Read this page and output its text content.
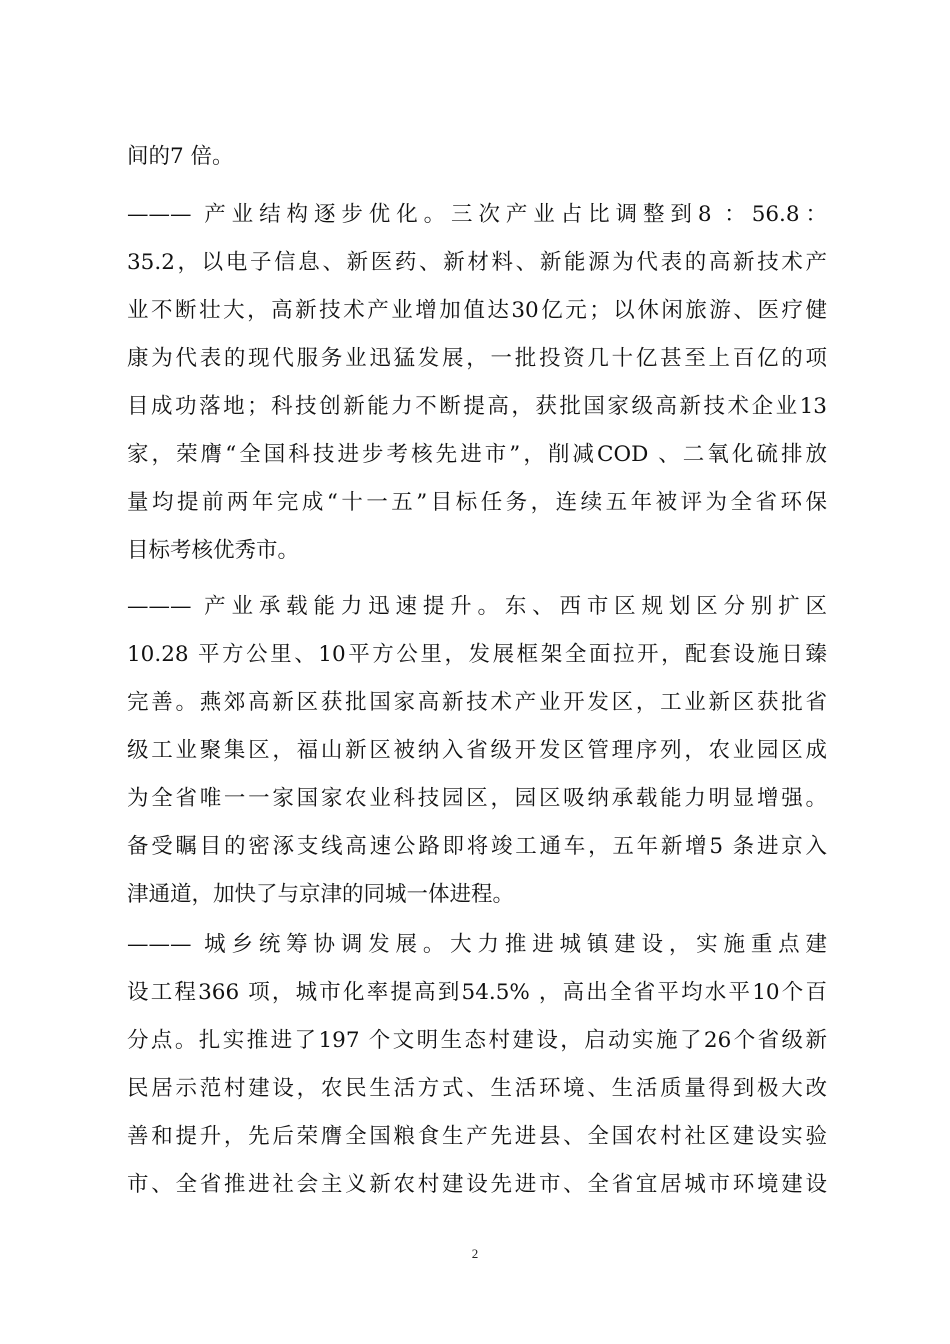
间的7 倍。
——— 产业结构逐步优化。三次产业占比调整到8 ：56.8：
35.2，以电子信息、新医药、新材料、新能源为代表的高新技术产
业不断壮大，高新技术产业增加值达30亿元；以休闲旅游、医疗健
康为代表的现代服务业迅猛发展，一批投资几十亿甚至上百亿的项
目成功落地；科技创新能力不断提高，获批国家级高新技术企业13
家，荣膺“全国科技进步考核先进市”，削减COD 、二氧化硫排放
量均提前两年完成“十一五”目标任务，连续五年被评为全省环保
目标考核优秀市。
——— 产业承载能力迅速提升。东、西市区规划区分别扩区
10.28 平方公里、10平方公里，发展框架全面拉开，配套设施日臻
完善。燕郊高新区获批国家高新技术产业开发区，工业新区获批省
级工业聚集区，福山新区被纳入省级开发区管理序列，农业园区成
为全省唯一一家国家农业科技园区，园区吸纳承载能力明显增强。
备受瞩目的密涿支线高速公路即将竣工通车，五年新增5 条进京入
津通道，加快了与京津的同城一体进程。
——— 城乡统筹协调发展。大力推进城镇建设，实施重点建
设工程366 项，城市化率提高到54.5% ，高出全省平均水平10个百
分点。扎实推进了197 个文明生态村建设，启动实施了26个省级新
民居示范村建设，农民生活方式、生活环境、生活质量得到极大改
善和提升，先后荣膺全国粮食生产先进县、全国农村社区建设实验
市、全省推进社会主义新农村建设先进市、全省宜居城市环境建设
2
